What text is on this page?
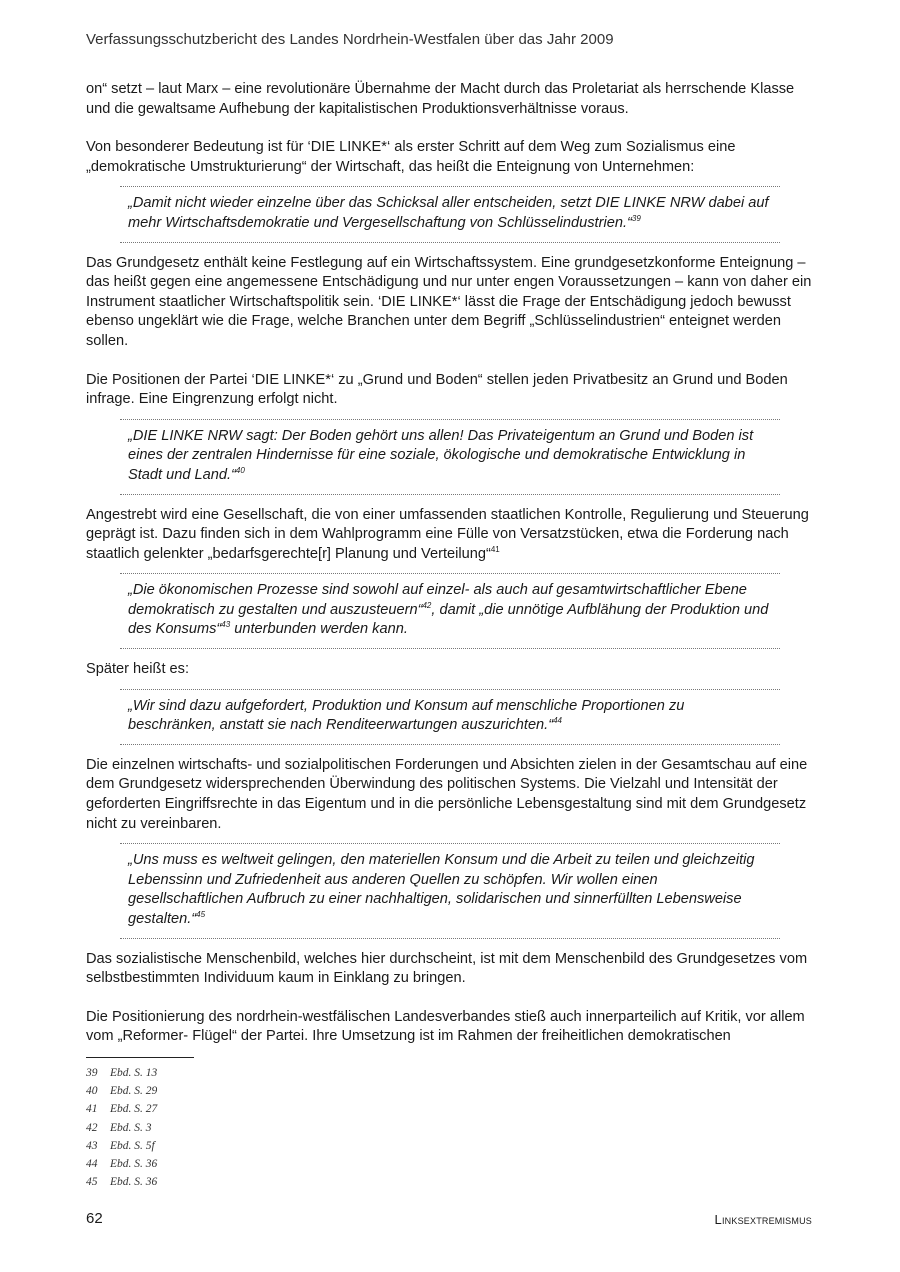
Verfassungsschutzbericht des Landes Nordrhein-Westfalen über das Jahr 2009

on“ setzt – laut Marx – eine revolutionäre Übernahme der Macht durch das Proletariat als herrschende Klasse und die gewaltsame Aufhebung der kapitalistischen Produktionsverhältnisse voraus.

Von besonderer Bedeutung ist für ‘DIE LINKE*‘ als erster Schritt auf dem Weg zum Sozialismus eine „demokratische Umstrukturierung“ der Wirtschaft, das heißt die Enteignung von Unternehmen:

„Damit nicht wieder einzelne über das Schicksal aller entscheiden, setzt DIE LINKE NRW dabei auf mehr Wirtschaftsdemokratie und Vergesellschaftung von Schlüsselindustrien.“$^{39}$

Das Grundgesetz enthält keine Festlegung auf ein Wirtschaftssystem. Eine grundgesetzkonforme Enteignung – das heißt gegen eine angemessene Entschädigung und nur unter engen Voraussetzungen – kann von daher ein Instrument staatlicher Wirtschaftspolitik sein. ‘DIE LINKE*‘ lässt die Frage der Entschädigung jedoch bewusst ebenso ungeklärt wie die Frage, welche Branchen unter dem Begriff „Schlüsselindustrien“ enteignet werden sollen.

Die Positionen der Partei ‘DIE LINKE*‘ zu „Grund und Boden“ stellen jeden Privatbesitz an Grund und Boden infrage. Eine Eingrenzung erfolgt nicht.

„DIE LINKE NRW sagt: Der Boden gehört uns allen! Das Privateigentum an Grund und Boden ist eines der zentralen Hindernisse für eine soziale, ökologische und demokratische Entwicklung in Stadt und Land.“$^{40}$

Angestrebt wird eine Gesellschaft, die von einer umfassenden staatlichen Kontrolle, Regulierung und Steuerung geprägt ist. Dazu finden sich in dem Wahlprogramm eine Fülle von Versatzstücken, etwa die Forderung nach staatlich gelenkter „bedarfsgerechte[r] Planung und Verteilung“$^{41}$

„Die ökonomischen Prozesse sind sowohl auf einzel- als auch auf gesamtwirtschaftlicher Ebene demokratisch zu gestalten und auszusteuern“$^{42}$, damit „die unnötige Aufblähung der Produktion und des Konsums“$^{43}$ unterbunden werden kann.

Später heißt es:

„Wir sind dazu aufgefordert, Produktion und Konsum auf menschliche Proportionen zu beschränken, anstatt sie nach Renditeerwartungen auszurichten.“$^{44}$

Die einzelnen wirtschafts- und sozialpolitischen Forderungen und Absichten zielen in der Gesamtschau auf eine dem Grundgesetz widersprechenden Überwindung des politischen Systems. Die Vielzahl und Intensität der geforderten Eingriffsrechte in das Eigentum und in die persönliche Lebensgestaltung sind mit dem Grundgesetz nicht zu vereinbaren.

„Uns muss es weltweit gelingen, den materiellen Konsum und die Arbeit zu teilen und gleichzeitig Lebenssinn und Zufriedenheit aus anderen Quellen zu schöpfen. Wir wollen einen gesellschaftlichen Aufbruch zu einer nachhaltigen, solidarischen und sinnerfüllten Lebensweise gestalten.“$^{45}$

Das sozialistische Menschenbild, welches hier durchscheint, ist mit dem Menschenbild des Grundgesetzes vom selbstbestimmten Individuum kaum in Einklang zu bringen.

Die Positionierung des nordrhein-westfälischen Landesverbandes stieß auch innerparteilich auf Kritik, vor allem vom „Reformer- Flügel“ der Partei. Ihre Umsetzung ist im Rahmen der freiheitlichen demokratischen

39 Ebd. S. 13
40 Ebd. S. 29
41 Ebd. S. 27
42 Ebd. S. 3
43 Ebd. S. 5f
44 Ebd. S. 36
45 Ebd. S. 36
62	Linksextremismus
